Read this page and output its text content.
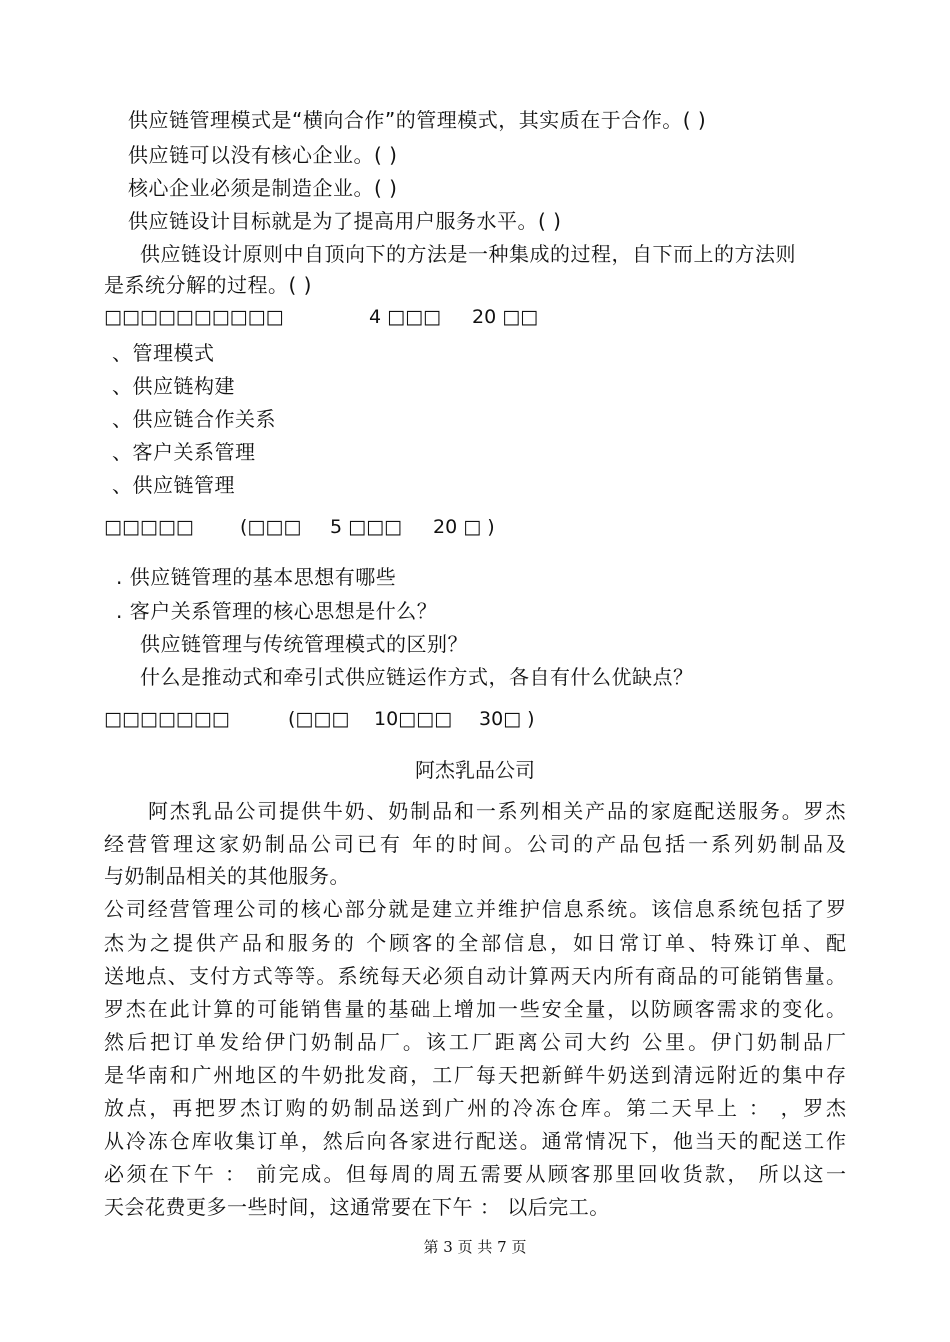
供应链管理模式是“横向合作”的管理模式，其实质在于合作。( )
供应链可以没有核心企业。( )
核心企业必须是制造企业。( )
供应链设计目标就是为了提高用户服务水平。( )
供应链设计原则中自顶向下的方法是一种集成的过程，自下而上的方法则
是系统分解的过程。( )
□□□□□□□□□□	4 □□□ 20 □□
、管理模式
、供应链构建
、供应链合作关系
、客户关系管理
、供应链管理
□□□□□ (□□□ 5 □□□ 20 □ )
. 供应链管理的基本思想有哪些
. 客户关系管理的核心思想是什么？
供应链管理与传统管理模式的区别？
什么是推动式和牵引式供应链运作方式，各自有什么优缺点？
□□□□□□□	(□□□ 10□□□ 30□ )
阿杰乳品公司
阿杰乳品公司提供牛奶、奶制品和一系列相关产品的家庭配送服务。罗杰
经营管理这家奶制品公司已有 年的时间。公司的产品包括一系列奶制品及
与奶制品相关的其他服务。
公司经营管理公司的核心部分就是建立并维护信息系统。该信息系统包括了罗
杰为之提供产品和服务的 个顾客的全部信息，如日常订单、特殊订单、配
送地点、支付方式等等。系统每天必须自动计算两天内所有商品的可能销售量。
罗杰在此计算的可能销售量的基础上增加一些安全量，以防顾客需求的变化。
然后把订单发给伊门奶制品厂。该工厂距离公司大约 公里。伊门奶制品厂
是华南和广州地区的牛奶批发商，工厂每天把新鲜牛奶送到清远附近的集中存
放点，再把罗杰订购的奶制品送到广州的冷冻仓库。第二天早上 ： ，罗杰
从冷冻仓库收集订单，然后向各家进行配送。通常情况下，他当天的配送工作
必须在下午 ： 前完成。但每周的周五需要从顾客那里回收货款， 所以这一
天会花费更多一些时间，这通常要在下午 ： 以后完工。
第 3 页 共 7 页
